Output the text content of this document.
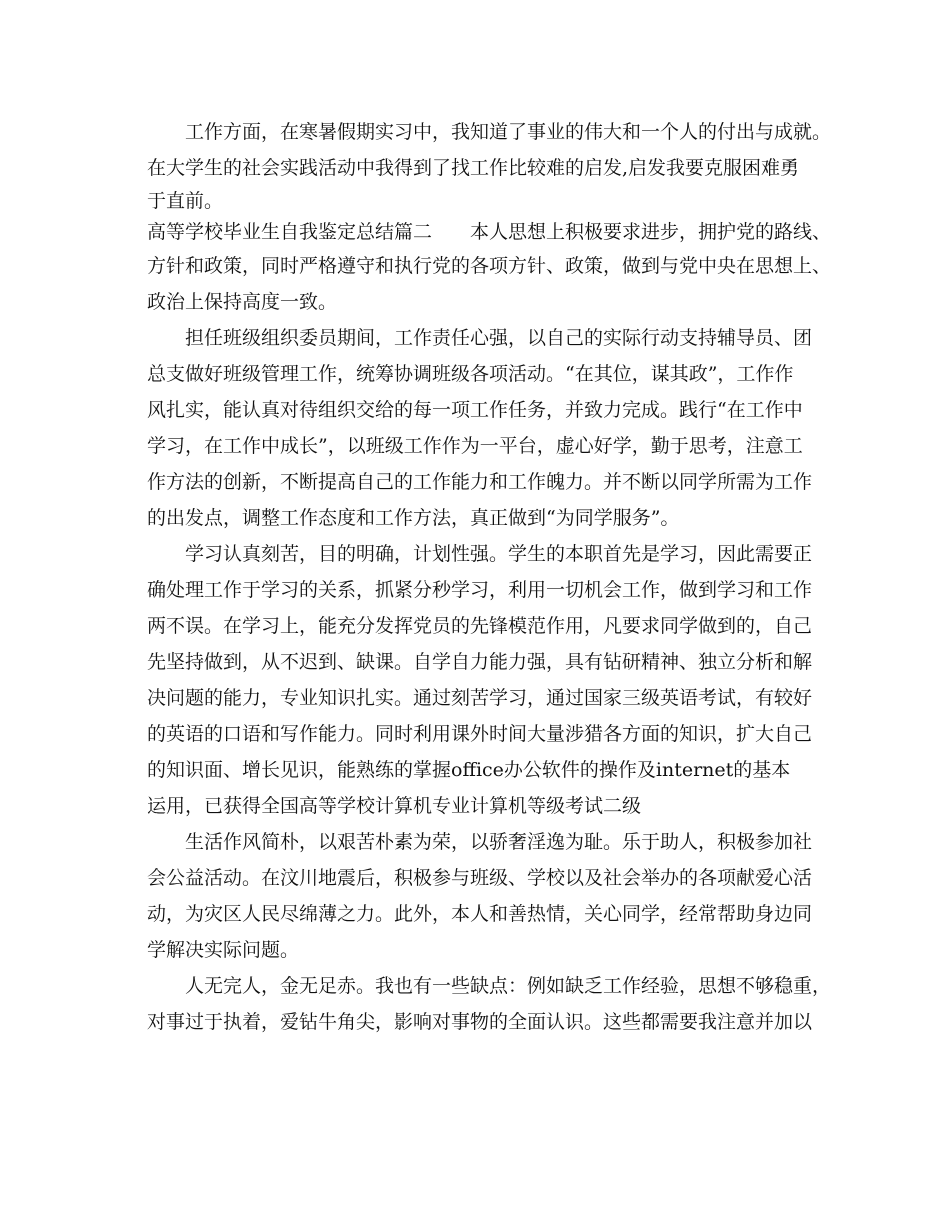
工作方面，在寒暑假期实习中，我知道了事业的伟大和一个人的付出与成就。
在大学生的社会实践活动中我得到了找工作比较难的启发,启发我要克服困难勇
于直前。
高等学校毕业生自我鉴定总结篇二　　本人思想上积极要求进步，拥护党的路线、
方针和政策，同时严格遵守和执行党的各项方针、政策，做到与党中央在思想上、
政治上保持高度一致。
担任班级组织委员期间，工作责任心强，以自己的实际行动支持辅导员、团
总支做好班级管理工作，统筹协调班级各项活动。“在其位，谋其政”，工作作
风扎实，能认真对待组织交给的每一项工作任务，并致力完成。践行“在工作中
学习，在工作中成长”，以班级工作作为一平台，虚心好学，勤于思考，注意工
作方法的创新，不断提高自己的工作能力和工作魄力。并不断以同学所需为工作
的出发点，调整工作态度和工作方法，真正做到“为同学服务”。
学习认真刻苦，目的明确，计划性强。学生的本职首先是学习，因此需要正
确处理工作于学习的关系，抓紧分秒学习，利用一切机会工作，做到学习和工作
两不误。在学习上，能充分发挥党员的先锋模范作用，凡要求同学做到的，自己
先坚持做到，从不迟到、缺课。自学自力能力强，具有钻研精神、独立分析和解
决问题的能力，专业知识扎实。通过刻苦学习，通过国家三级英语考试，有较好
的英语的口语和写作能力。同时利用课外时间大量涉猎各方面的知识，扩大自己
的知识面、增长见识，能熟练的掌握office办公软件的操作及internet的基本
运用，已获得全国高等学校计算机专业计算机等级考试二级
生活作风简朴，以艰苦朴素为荣，以骄奢淫逸为耻。乐于助人，积极参加社
会公益活动。在汶川地震后，积极参与班级、学校以及社会举办的各项献爱心活
动，为灾区人民尽绵薄之力。此外，本人和善热情，关心同学，经常帮助身边同
学解决实际问题。
人无完人，金无足赤。我也有一些缺点：例如缺乏工作经验，思想不够稳重，
对事过于执着，爱钻牛角尖，影响对事物的全面认识。这些都需要我注意并加以
